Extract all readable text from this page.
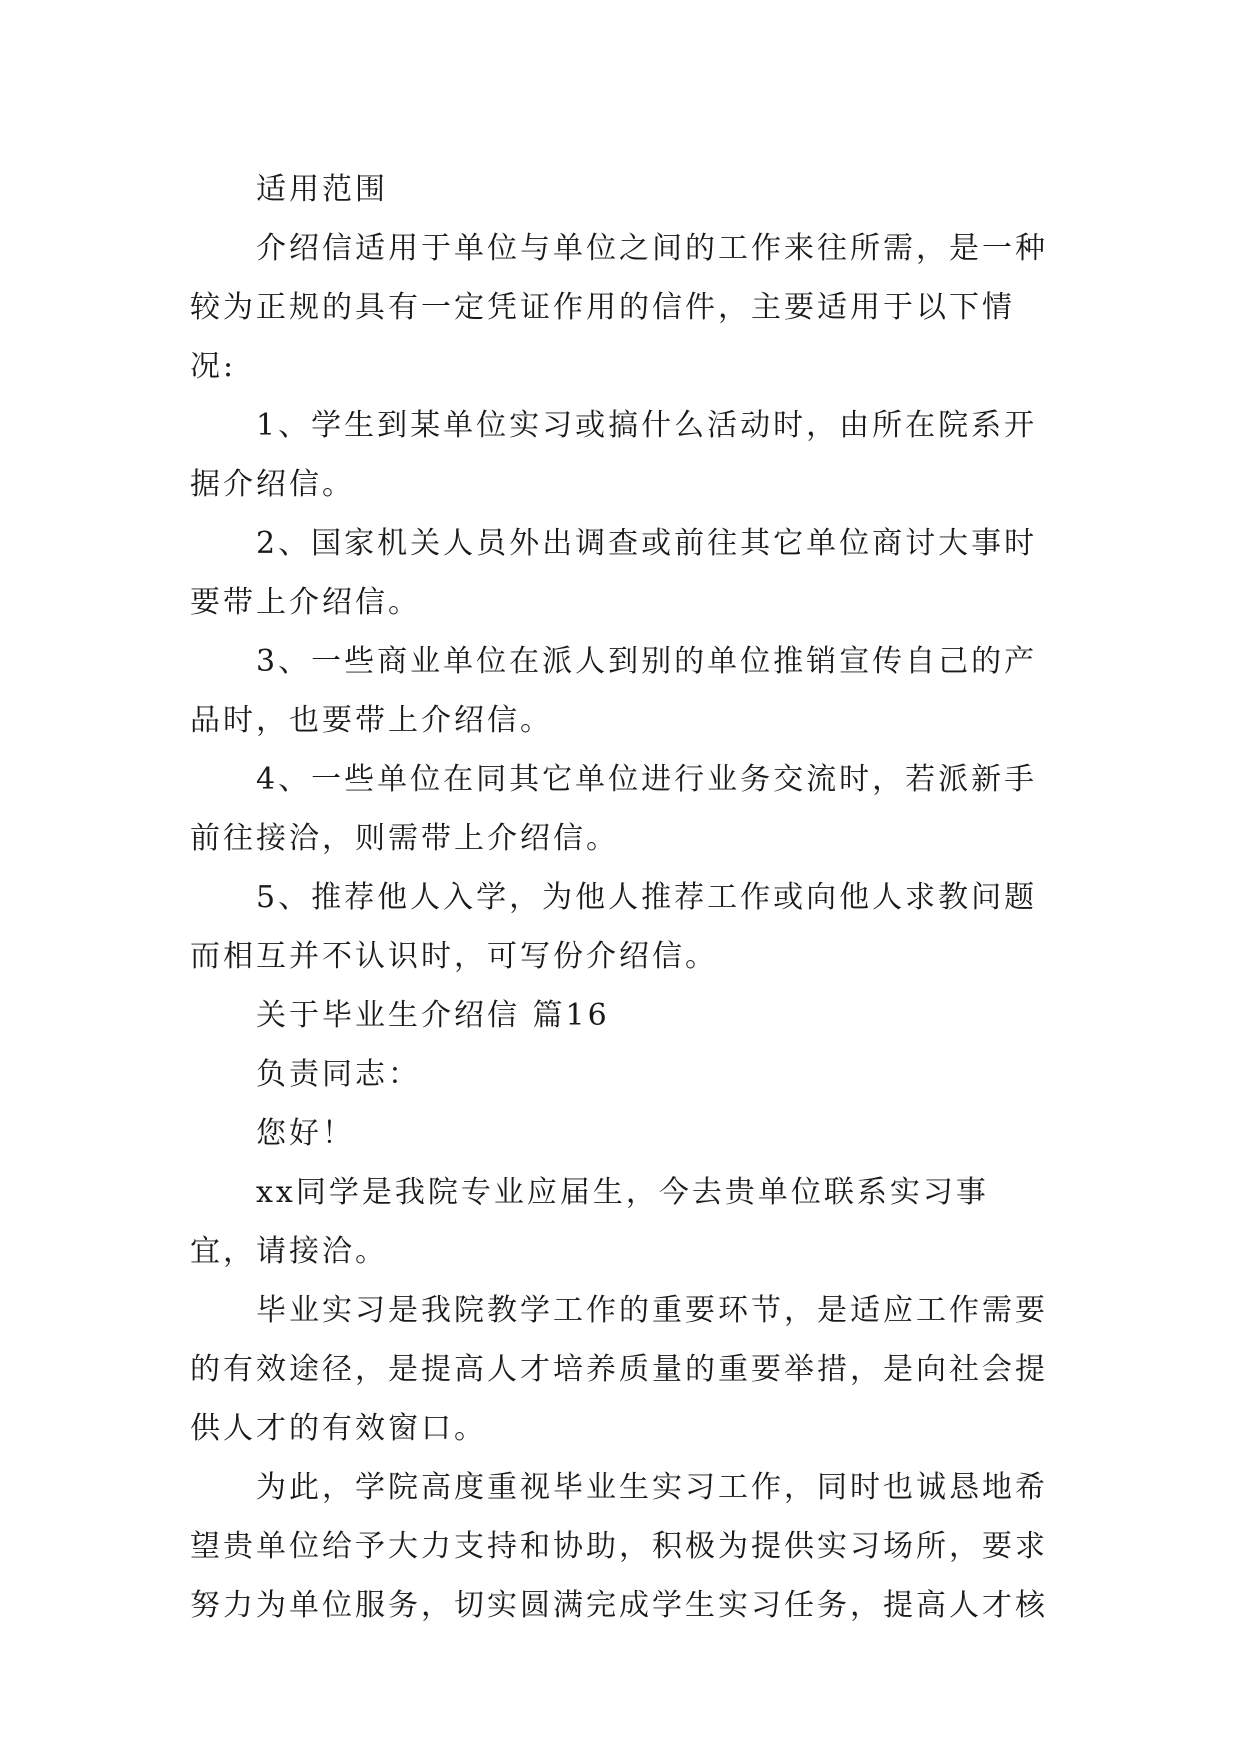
适用范围

介绍信适用于单位与单位之间的工作来往所需，是一种较为正规的具有一定凭证作用的信件，主要适用于以下情况:

1、学生到某单位实习或搞什么活动时，由所在院系开据介绍信。

2、国家机关人员外出调查或前往其它单位商讨大事时要带上介绍信。

3、一些商业单位在派人到别的单位推销宣传自己的产品时，也要带上介绍信。

4、一些单位在同其它单位进行业务交流时，若派新手前往接洽，则需带上介绍信。

5、推荐他人入学，为他人推荐工作或向他人求教问题而相互并不认识时，可写份介绍信。

关于毕业生介绍信 篇16

负责同志：

您好！

xx同学是我院专业应届生，今去贵单位联系实习事宜，请接洽。

毕业实习是我院教学工作的重要环节，是适应工作需要的有效途径，是提高人才培养质量的重要举措，是向社会提供人才的有效窗口。

为此，学院高度重视毕业生实习工作，同时也诚恳地希望贵单位给予大力支持和协助，积极为提供实习场所，要求努力为单位服务，切实圆满完成学生实习任务，提高人才核
